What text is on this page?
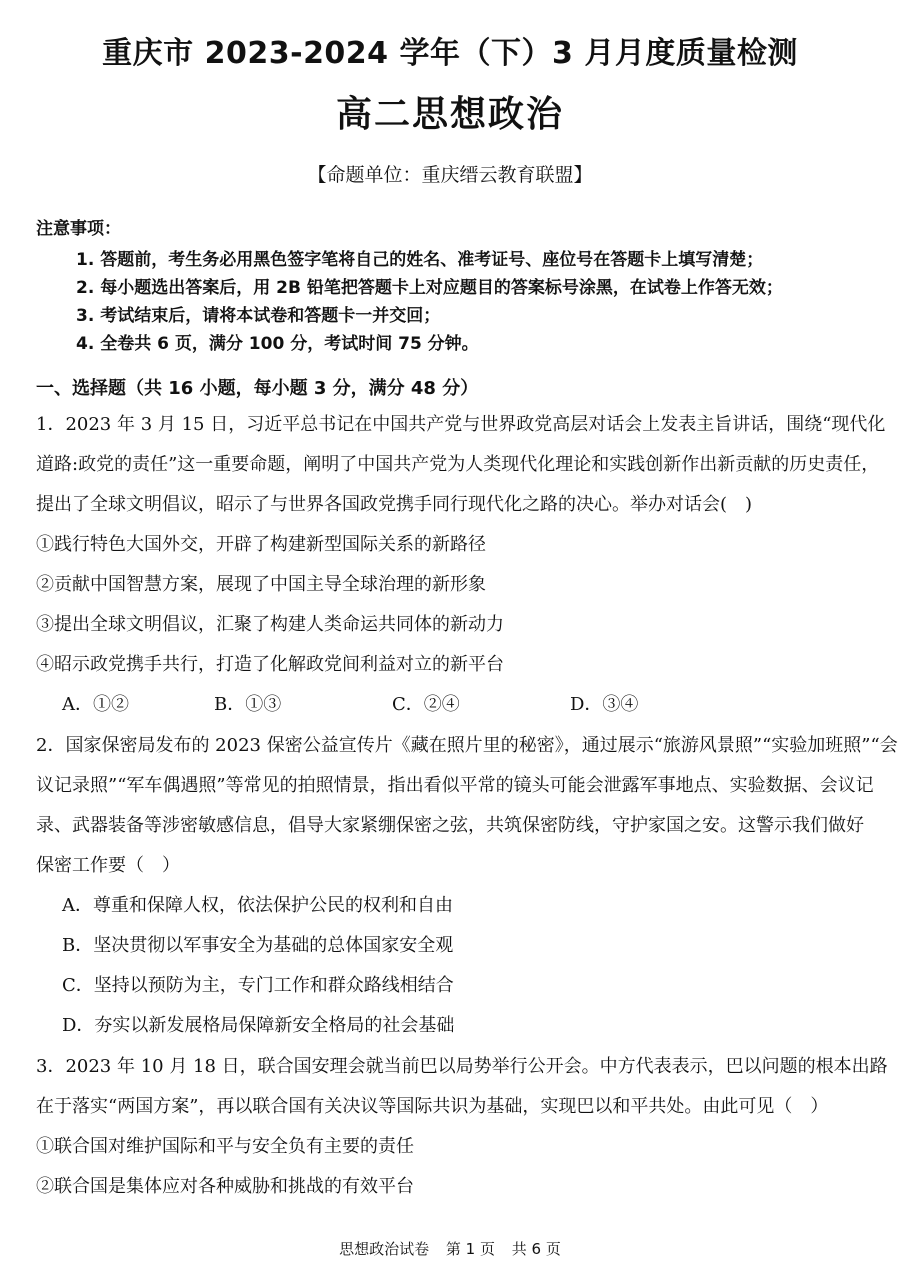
重庆市 2023-2024 学年（下）3 月月度质量检测
高二思想政治
【命题单位：重庆缙云教育联盟】
注意事项：
1. 答题前，考生务必用黑色签字笔将自己的姓名、准考证号、座位号在答题卡上填写清楚；
2. 每小题选出答案后，用 2B 铅笔把答题卡上对应题目的答案标号涂黑，在试卷上作答无效；
3. 考试结束后，请将本试卷和答题卡一并交回；
4. 全卷共 6 页，满分 100 分，考试时间 75 分钟。
一、选择题（共 16 小题，每小题 3 分，满分 48 分）
1．2023 年 3 月 15 日，习近平总书记在中国共产党与世界政党高层对话会上发表主旨讲话，围绕“现代化
道路:政党的责任”这一重要命题，阐明了中国共产党为人类现代化理论和实践创新作出新贡献的历史责任，
提出了全球文明倡议，昭示了与世界各国政党携手同行现代化之路的决心。举办对话会(　)
①践行特色大国外交，开辟了构建新型国际关系的新路径
②贡献中国智慧方案，展现了中国主导全球治理的新形象
③提出全球文明倡议，汇聚了构建人类命运共同体的新动力
④昭示政党携手共行，打造了化解政党间利益对立的新平台
A．①②	B．①③	C．②④	D．③④
2．国家保密局发布的 2023 保密公益宣传片《藏在照片里的秘密》，通过展示“旅游风景照”“实验加班照”“会
议记录照”“军车偶遇照”等常见的拍照情景，指出看似平常的镜头可能会泄露军事地点、实验数据、会议记
录、武器装备等涉密敏感信息，倡导大家紧绷保密之弦，共筑保密防线，守护家国之安。这警示我们做好
保密工作要（　）
A．尊重和保障人权，依法保护公民的权利和自由
B．坚决贯彻以军事安全为基础的总体国家安全观
C．坚持以预防为主，专门工作和群众路线相结合
D．夯实以新发展格局保障新安全格局的社会基础
3．2023 年 10 月 18 日，联合国安理会就当前巴以局势举行公开会。中方代表表示，巴以问题的根本出路
在于落实“两国方案”，再以联合国有关决议等国际共识为基础，实现巴以和平共处。由此可见（　）
①联合国对维护国际和平与安全负有主要的责任
②联合国是集体应对各种威胁和挑战的有效平台
思想政治试卷 第 1 页 共 6 页
